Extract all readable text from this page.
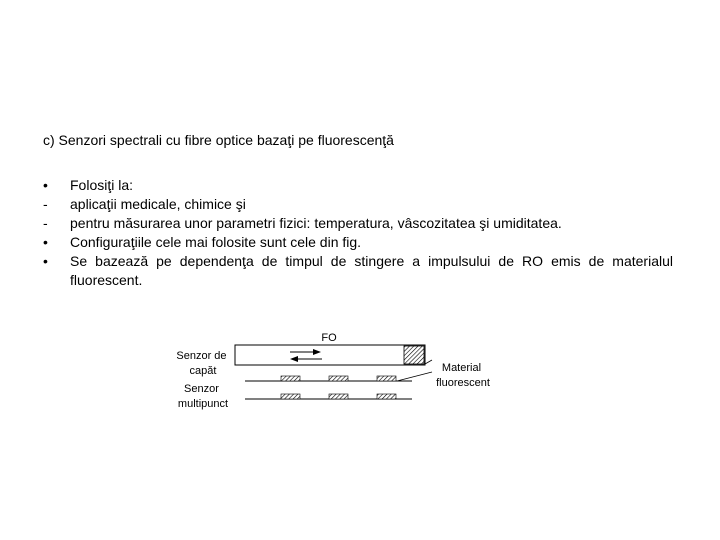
c) Senzori spectrali cu fibre optice bazaţi pe fluorescenţă
•	Folosiţi la:
-	aplicaţii medicale, chimice şi
-	pentru măsurarea unor parametri fizici: temperatura, vâscozitatea şi umiditatea.
•	Configuraţiile cele mai folosite sunt cele din fig.
•	Se bazează pe dependenţa de timpul de stingere a impulsului de RO emis de materialul fluorescent.
FO
Senzor de capăt
Senzor multipunct
Material fluorescent
